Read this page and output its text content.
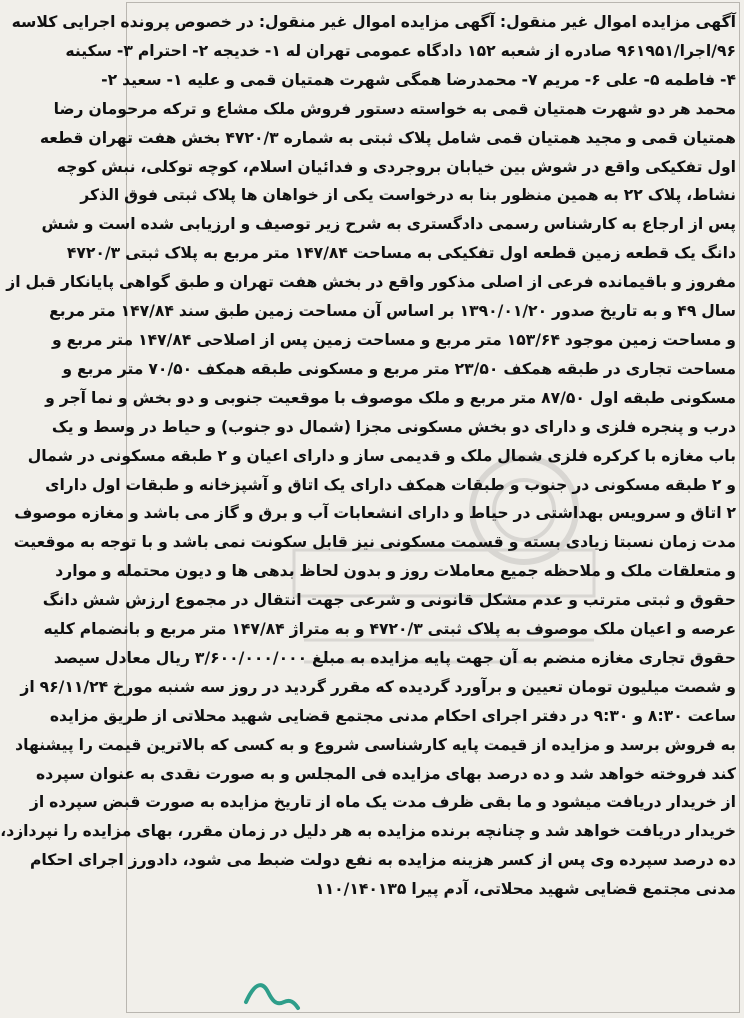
آگهی مزایده اموال غیر منقول: آگهی مزایده اموال غیر منقول: در خصوص پرونده اجرایی کلاسه
۹۶/اجرا/۹۶۱۹۵۱ صادره از شعبه ۱۵۲ دادگاه عمومی تهران له ۱- خدیجه ۲- احترام ۳- سکینه
۴- فاطمه ۵- علی ۶- مریم ۷- محمدرضا همگی شهرت همتیان قمی و علیه ۱- سعید ۲-
محمد هر دو شهرت همتیان قمی به خواسته دستور فروش ملک مشاع و ترکه مرحومان رضا
همتیان قمی و مجید همتیان قمی شامل پلاک ثبتی به شماره ۴۷۲۰/۳ بخش هفت تهران قطعه
اول تفکیکی واقع در شوش بین خیابان بروجردی و فدائیان اسلام، کوچه توکلی، نبش کوچه
نشاط، پلاک ۲۲ به همین منظور بنا به درخواست یکی از خواهان ها پلاک ثبتی فوق الذکر
پس از ارجاع به کارشناس رسمی دادگستری به شرح زیر توصیف و ارزیابی شده است و شش
دانگ یک قطعه زمین قطعه اول تفکیکی به مساحت ۱۴۷/۸۴ متر مربع به پلاک ثبتی ۴۷۲۰/۳
مفروز و باقیمانده فرعی از اصلی مذکور واقع در بخش هفت تهران و طبق گواهی پایانکار قبل از
سال ۴۹ و به تاریخ صدور ۱۳۹۰/۰۱/۲۰ بر اساس آن مساحت زمین طبق سند ۱۴۷/۸۴ متر مربع
و مساحت زمین موجود ۱۵۳/۶۴ متر مربع و مساحت زمین پس از اصلاحی ۱۴۷/۸۴ متر مربع و
مساحت تجاری در طبقه همکف ۲۳/۵۰ متر مربع و مسکونی طبقه همکف ۷۰/۵۰ متر مربع و
مسکونی طبقه اول ۸۷/۵۰ متر مربع و ملک موصوف با موقعیت جنوبی و دو بخش و نما آجر و
درب و پنجره فلزی و دارای دو بخش مسکونی مجزا (شمال دو جنوب) و حیاط در وسط و یک
باب مغازه با کرکره فلزی شمال ملک و قدیمی ساز و دارای اعیان و ۲ طبقه مسکونی در شمال
و ۲ طبقه مسکونی در جنوب و طبقات همکف دارای یک اتاق و آشپزخانه و طبقات اول دارای
۲ اتاق و سرویس بهداشتی در حیاط و دارای انشعابات آب و برق و گاز می باشد و مغازه موصوف
مدت زمان نسبتا زیادی بسته و قسمت مسکونی نیز قابل سکونت نمی باشد و با توجه به موقعیت
و متعلقات ملک و ملاحظه جمیع معاملات روز و بدون لحاظ بدهی ها و دیون محتمله و موارد
حقوق و ثبتی مترتب و عدم مشکل قانونی و شرعی جهت انتقال در مجموع ارزش شش دانگ
عرصه و اعیان ملک موصوف به پلاک ثبتی ۴۷۲۰/۳ و به متراژ ۱۴۷/۸۴ متر مربع و بانضمام کلیه
حقوق تجاری مغازه منضم به آن جهت پایه مزایده به مبلغ ۳/۶۰۰/۰۰۰/۰۰۰ ریال معادل سیصد
و شصت میلیون تومان تعیین و برآورد گردیده که مقرر گردید در روز سه شنبه مورخ ۹۶/۱۱/۲۴ از
ساعت ۸:۳۰ و ۹:۳۰ در دفتر اجرای احکام مدنی مجتمع قضایی شهید محلاتی از طریق مزایده
به فروش برسد و مزایده از قیمت پایه کارشناسی شروع و به کسی که بالاترین قیمت را پیشنهاد
کند فروخته خواهد شد و ده درصد بهای مزایده فی المجلس و به صورت نقدی به عنوان سپرده
از خریدار دریافت میشود و ما بقی ظرف مدت یک ماه از تاریخ مزایده به صورت قبض سپرده از
خریدار دریافت خواهد شد و چنانچه برنده مزایده به هر دلیل در زمان مقرر، بهای مزایده را نپردازد،
ده درصد سپرده وی پس از کسر هزینه مزایده به نفع دولت ضبط می شود، دادورز اجرای احکام
مدنی مجتمع قضایی شهید محلاتی، آدم پیرا ۱۱۰/۱۴۰۱۳۵
